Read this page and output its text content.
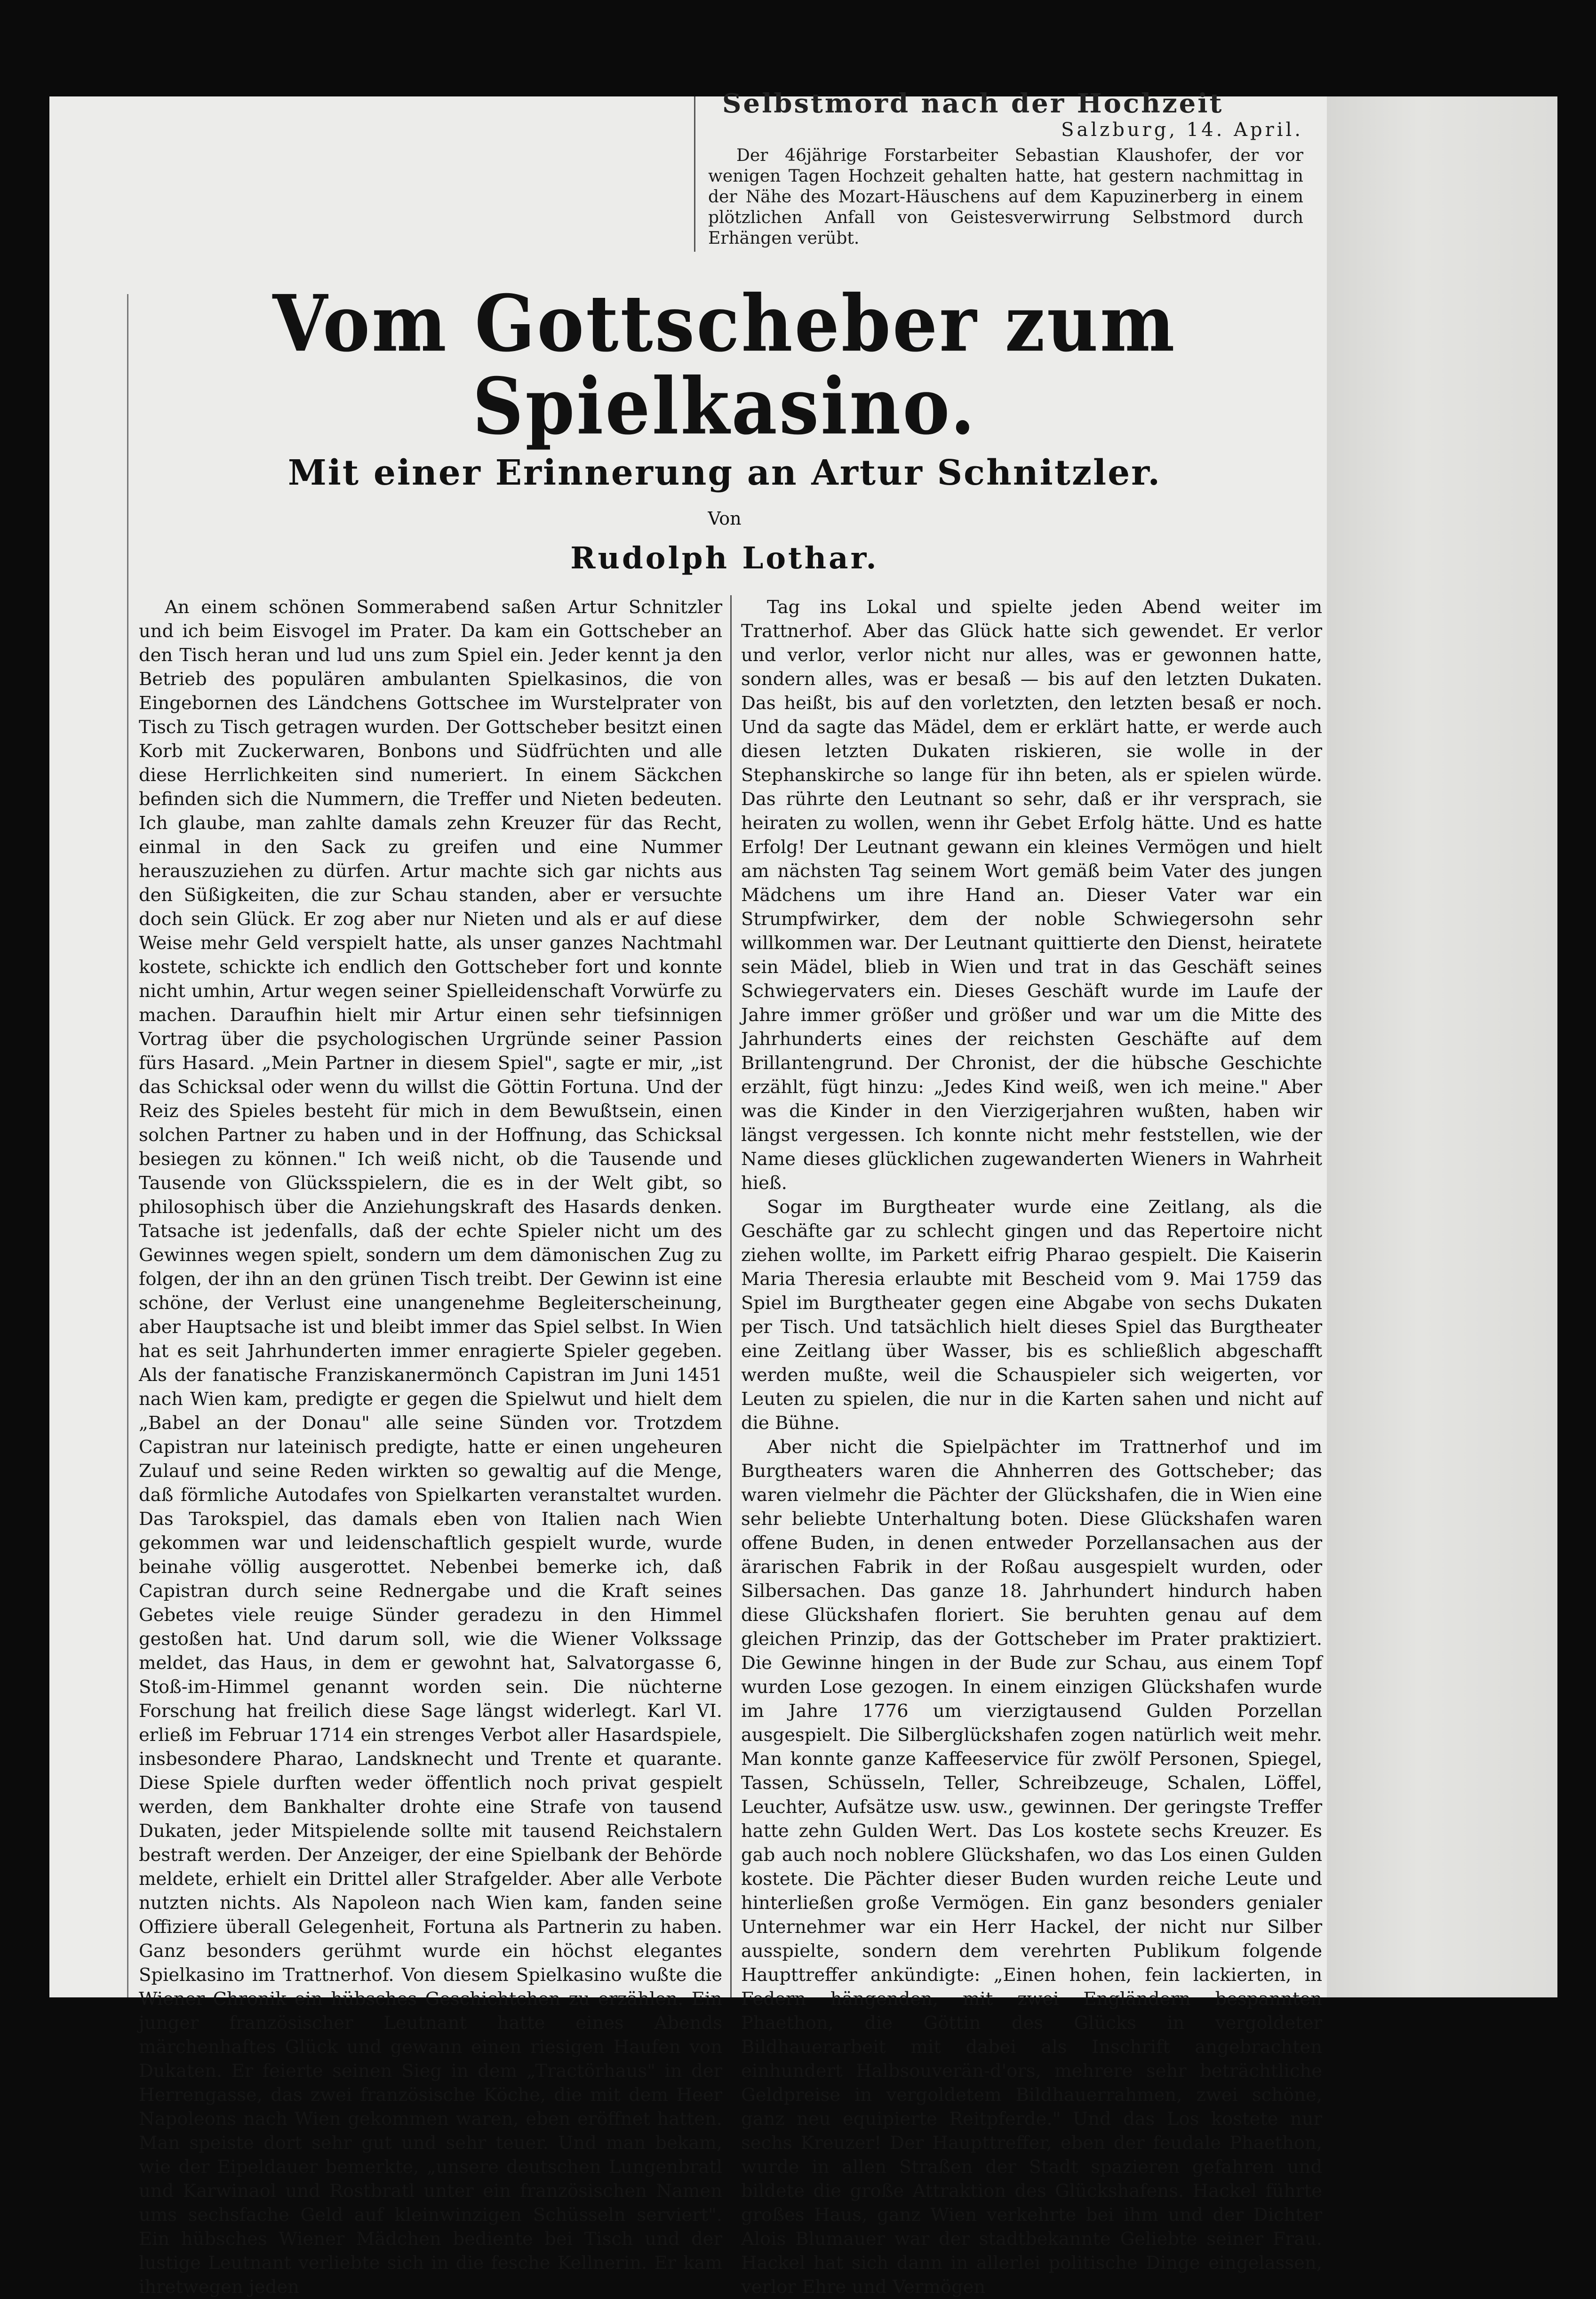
Selbstmord nach der Hochzeit
Salzburg, 14. April.

Der 46jährige Forstarbeiter Sebastian Klaushofer, der vor wenigen Tagen Hochzeit gehalten hatte, hat gestern nachmittag in der Nähe des Mozart-Häuschens auf dem Kapuzinerberg in einem plötzlichen Anfall von Geistesverwirrung Selbstmord durch Erhängen verübt.

Vom Gottscheber zum Spielkasino.
Mit einer Erinnerung an Artur Schnitzler.
Von
Rudolph Lothar.

An einem schönen Sommerabend saßen Artur Schnitzler und ich beim Eisvogel im Prater. Da kam ein Gottscheber an den Tisch heran und lud uns zum Spiel ein. Jeder kennt ja den Betrieb des populären ambulanten Spielkasinos, die von Eingebornen des Ländchens Gottschee im Wurstelprater von Tisch zu Tisch getragen wurden. Der Gottscheber besitzt einen Korb mit Zuckerwaren, Bonbons und Südfrüchten und alle diese Herrlichkeiten sind numeriert. In einem Säckchen befinden sich die Nummern, die Treffer und Nieten bedeuten. Ich glaube, man zahlte damals zehn Kreuzer für das Recht, einmal in den Sack zu greifen und eine Nummer herauszuziehen zu dürfen. Artur machte sich gar nichts aus den Süßigkeiten, die zur Schau standen, aber er versuchte doch sein Glück. Er zog aber nur Nieten und als er auf diese Weise mehr Geld verspielt hatte, als unser ganzes Nachtmahl kostete, schickte ich endlich den Gottscheber fort und konnte nicht umhin, Artur wegen seiner Spielleidenschaft Vorwürfe zu machen. Daraufhin hielt mir Artur einen sehr tiefsinnigen Vortrag über die psychologischen Urgründe seiner Passion fürs Hasard. „Mein Partner in diesem Spiel", sagte er mir, „ist das Schicksal oder wenn du willst die Göttin Fortuna. Und der Reiz des Spieles besteht für mich in dem Bewußtsein, einen solchen Partner zu haben und in der Hoffnung, das Schicksal besiegen zu können." Ich weiß nicht, ob die Tausende und Tausende von Glücksspielern, die es in der Welt gibt, so philosophisch über die Anziehungskraft des Hasards denken. Tatsache ist jedenfalls, daß der echte Spieler nicht um des Gewinnes wegen spielt, sondern um dem dämonischen Zug zu folgen, der ihn an den grünen Tisch treibt. Der Gewinn ist eine schöne, der Verlust eine unangenehme Begleiterscheinung, aber Hauptsache ist und bleibt immer das Spiel selbst. In Wien hat es seit Jahrhunderten immer enragierte Spieler gegeben. Als der fanatische Franziskanermönch Capistran im Juni 1451 nach Wien kam, predigte er gegen die Spielwut und hielt dem „Babel an der Donau" alle seine Sünden vor. Trotzdem Capistran nur lateinisch predigte, hatte er einen ungeheuren Zulauf und seine Reden wirkten so gewaltig auf die Menge, daß förmliche Autodafes von Spielkarten veranstaltet wurden. Das Tarokspiel, das damals eben von Italien nach Wien gekommen war und leidenschaftlich gespielt wurde, wurde beinahe völlig ausgerottet. Nebenbei bemerke ich, daß Capistran durch seine Rednergabe und die Kraft seines Gebetes viele reuige Sünder geradezu in den Himmel gestoßen hat. Und darum soll, wie die Wiener Volkssage meldet, das Haus, in dem er gewohnt hat, Salvatorgasse 6, Stoß-im-Himmel genannt worden sein. Die nüchterne Forschung hat freilich diese Sage längst widerlegt. Karl VI. erließ im Februar 1714 ein strenges Verbot aller Hasardspiele, insbesondere Pharao, Landsknecht und Trente et quarante. Diese Spiele durften weder öffentlich noch privat gespielt werden, dem Bankhalter drohte eine Strafe von tausend Dukaten, jeder Mitspielende sollte mit tausend Reichstalern bestraft werden. Der Anzeiger, der eine Spielbank der Behörde meldete, erhielt ein Drittel aller Strafgelder. Aber alle Verbote nutzten nichts. Als Napoleon nach Wien kam, fanden seine Offiziere überall Gelegenheit, Fortuna als Partnerin zu haben. Ganz besonders gerühmt wurde ein höchst elegantes Spielkasino im Trattnerhof. Von diesem Spielkasino wußte die Wiener Chronik ein hübsches Geschichtchen zu erzählen. Ein junger französischer Leutnant hatte eines Abends märchenhaftes Glück und gewann einen riesigen Haufen von Dukaten. Er feierte seinen Sieg in dem „Tractörhaus" in der Herrengasse, das zwei französische Köche, die mit dem Heer Napoleons nach Wien gekommen waren, eben eröffnet hatten. Man speiste dort sehr gut und sehr teuer. Und man bekam, wie der Eipeldauer bemerkte, „unsere deutschen Lungenbratl und Karwinaol und Rostbratl unter ein französischen Namen ums sechsfache Geld auf kleinwinzigen Schüsseln serviert". Ein hübsches Wiener Mädchen bediente bei Tisch und der lustige Leutnant verliebte sich in die fesche Kellnerin. Er kam ihretwegen jeden

Tag ins Lokal und spielte jeden Abend weiter im Trattnerhof. Aber das Glück hatte sich gewendet. Er verlor und verlor, verlor nicht nur alles, was er gewonnen hatte, sondern alles, was er besaß — bis auf den letzten Dukaten. Das heißt, bis auf den vorletzten, den letzten besaß er noch. Und da sagte das Mädel, dem er erklärt hatte, er werde auch diesen letzten Dukaten riskieren, sie wolle in der Stephanskirche so lange für ihn beten, als er spielen würde. Das rührte den Leutnant so sehr, daß er ihr versprach, sie heiraten zu wollen, wenn ihr Gebet Erfolg hätte. Und es hatte Erfolg! Der Leutnant gewann ein kleines Vermögen und hielt am nächsten Tag seinem Wort gemäß beim Vater des jungen Mädchens um ihre Hand an. Dieser Vater war ein Strumpfwirker, dem der noble Schwiegersohn sehr willkommen war. Der Leutnant quittierte den Dienst, heiratete sein Mädel, blieb in Wien und trat in das Geschäft seines Schwiegervaters ein. Dieses Geschäft wurde im Laufe der Jahre immer größer und größer und war um die Mitte des Jahrhunderts eines der reichsten Geschäfte auf dem Brillantengrund. Der Chronist, der die hübsche Geschichte erzählt, fügt hinzu: „Jedes Kind weiß, wen ich meine." Aber was die Kinder in den Vierzigerjahren wußten, haben wir längst vergessen. Ich konnte nicht mehr feststellen, wie der Name dieses glücklichen zugewanderten Wieners in Wahrheit hieß.

Sogar im Burgtheater wurde eine Zeitlang, als die Geschäfte gar zu schlecht gingen und das Repertoire nicht ziehen wollte, im Parkett eifrig Pharao gespielt. Die Kaiserin Maria Theresia erlaubte mit Bescheid vom 9. Mai 1759 das Spiel im Burgtheater gegen eine Abgabe von sechs Dukaten per Tisch. Und tatsächlich hielt dieses Spiel das Burgtheater eine Zeitlang über Wasser, bis es schließlich abgeschafft werden mußte, weil die Schauspieler sich weigerten, vor Leuten zu spielen, die nur in die Karten sahen und nicht auf die Bühne.

Aber nicht die Spielpächter im Trattnerhof und im Burgtheaters waren die Ahnherren des Gottscheber; das waren vielmehr die Pächter der Glückshafen, die in Wien eine sehr beliebte Unterhaltung boten. Diese Glückshafen waren offene Buden, in denen entweder Porzellansachen aus der ärarischen Fabrik in der Roßau ausgespielt wurden, oder Silbersachen. Das ganze 18. Jahrhundert hindurch haben diese Glückshafen floriert. Sie beruhten genau auf dem gleichen Prinzip, das der Gottscheber im Prater praktiziert. Die Gewinne hingen in der Bude zur Schau, aus einem Topf wurden Lose gezogen. In einem einzigen Glückshafen wurde im Jahre 1776 um vierzigtausend Gulden Porzellan ausgespielt. Die Silberglückshafen zogen natürlich weit mehr. Man konnte ganze Kaffeeservice für zwölf Personen, Spiegel, Tassen, Schüsseln, Teller, Schreibzeuge, Schalen, Löffel, Leuchter, Aufsätze usw. usw., gewinnen. Der geringste Treffer hatte zehn Gulden Wert. Das Los kostete sechs Kreuzer. Es gab auch noch noblere Glückshafen, wo das Los einen Gulden kostete. Die Pächter dieser Buden wurden reiche Leute und hinterließen große Vermögen. Ein ganz besonders genialer Unternehmer war ein Herr Hackel, der nicht nur Silber ausspielte, sondern dem verehrten Publikum folgende Haupttreffer ankündigte: „Einen hohen, fein lackierten, in Federn hängenden, mit zwei Engländern bespannten Phaethon, die Göttin des Glücks in vergoldeter Bildhauerarbeit mit dabei als Inschrift angebrachten einhundert Halbsouverän-d'ors, mehrere sehr beträchtliche Geldpreise in vergoldetem Bildhauerrahmen, zwei schöne, ganz neu equipierte Reitpferde." Und das Los kostete nur sechs Kreuzer! Der Haupttreffer, eben der feudale Phaethon, wurde in allen Straßen der Stadt spazieren gefahren und bildete die große Attraktion des Glückshafens. Hackel führte großes Haus, ganz Wien verkehrte bei ihm und der Dichter Alois Blumauer war der stadtbekannte Geliebte seiner Frau. Hackel hat sich dann in allerlei politische Dinge eingelassen, verlor Ehre und Vermögen
